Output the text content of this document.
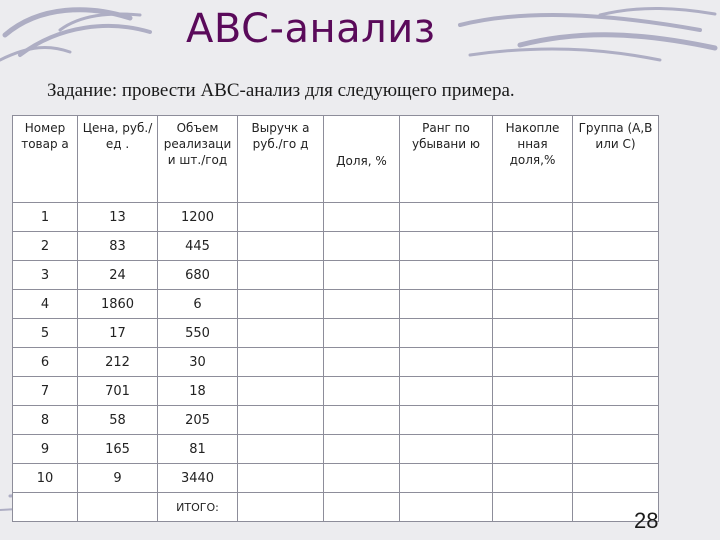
ABC-анализ
Задание: провести АВС-анализ для следующего примера.
Номер товар а	Цена, руб./ед .	Объем реализаци и шт./год	Выручк а руб./го д	Доля, %	Ранг по убывани ю	Накопле нная доля,%	Группа (А,В или С)
1	13	1200					
2	83	445					
3	24	680					
4	1860	6					
5	17	550					
6	212	30					
7	701	18					
8	58	205					
9	165	81					
10	9	3440					
		ИТОГО:					
28
